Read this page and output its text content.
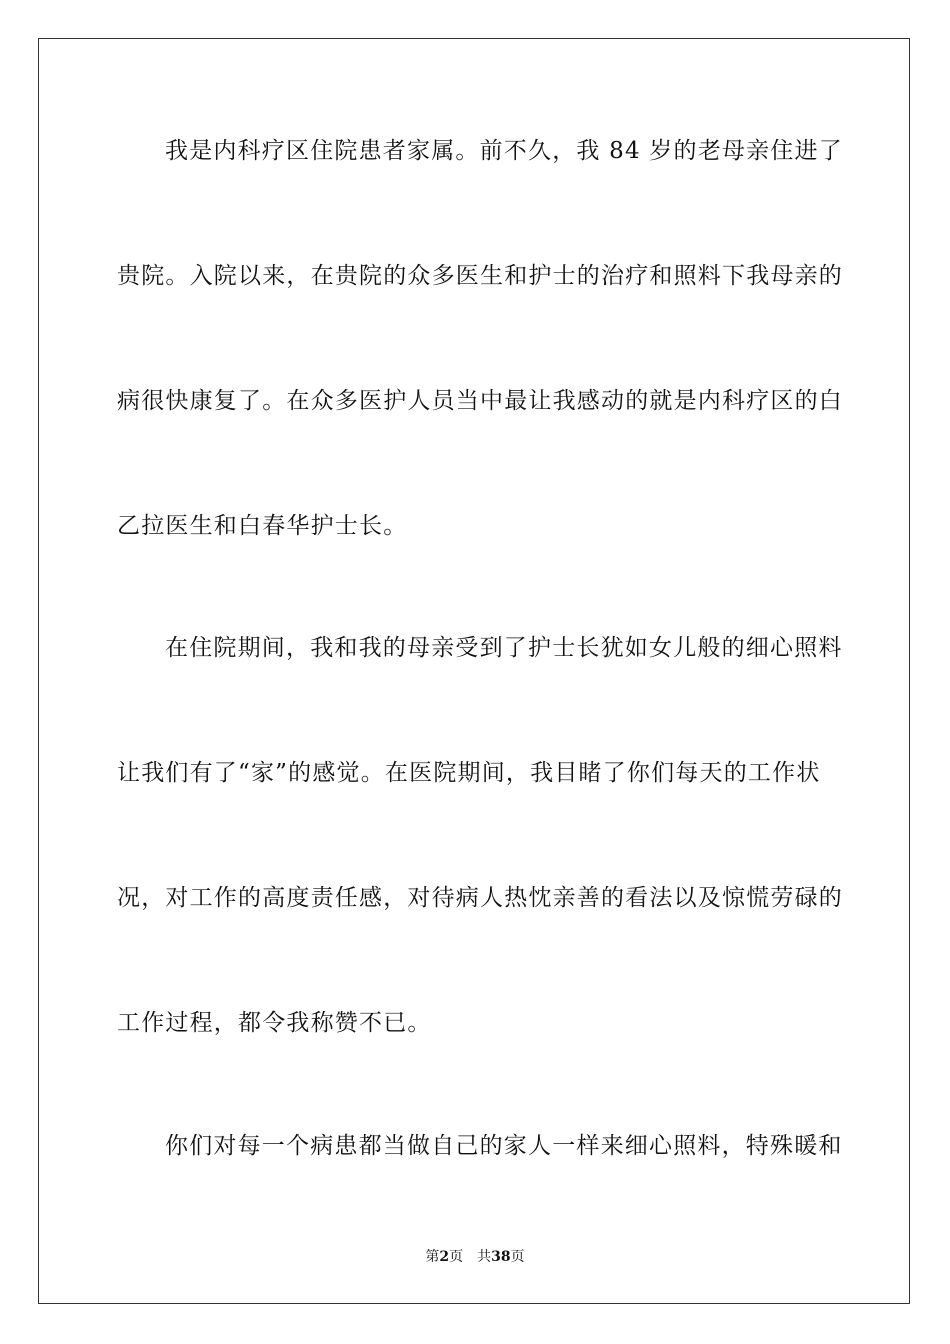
我是内科疗区住院患者家属。前不久，我 84 岁的老母亲住进了
贵院。入院以来，在贵院的众多医生和护士的治疗和照料下我母亲的
病很快康复了。在众多医护人员当中最让我感动的就是内科疗区的白
乙拉医生和白春华护士长。
在住院期间，我和我的母亲受到了护士长犹如女儿般的细心照料
让我们有了“家”的感觉。在医院期间，我目睹了你们每天的工作状
况，对工作的高度责任感，对待病人热忱亲善的看法以及惊慌劳碌的
工作过程，都令我称赞不已。
你们对每一个病患都当做自己的家人一样来细心照料，特殊暖和
第2页 共38页
